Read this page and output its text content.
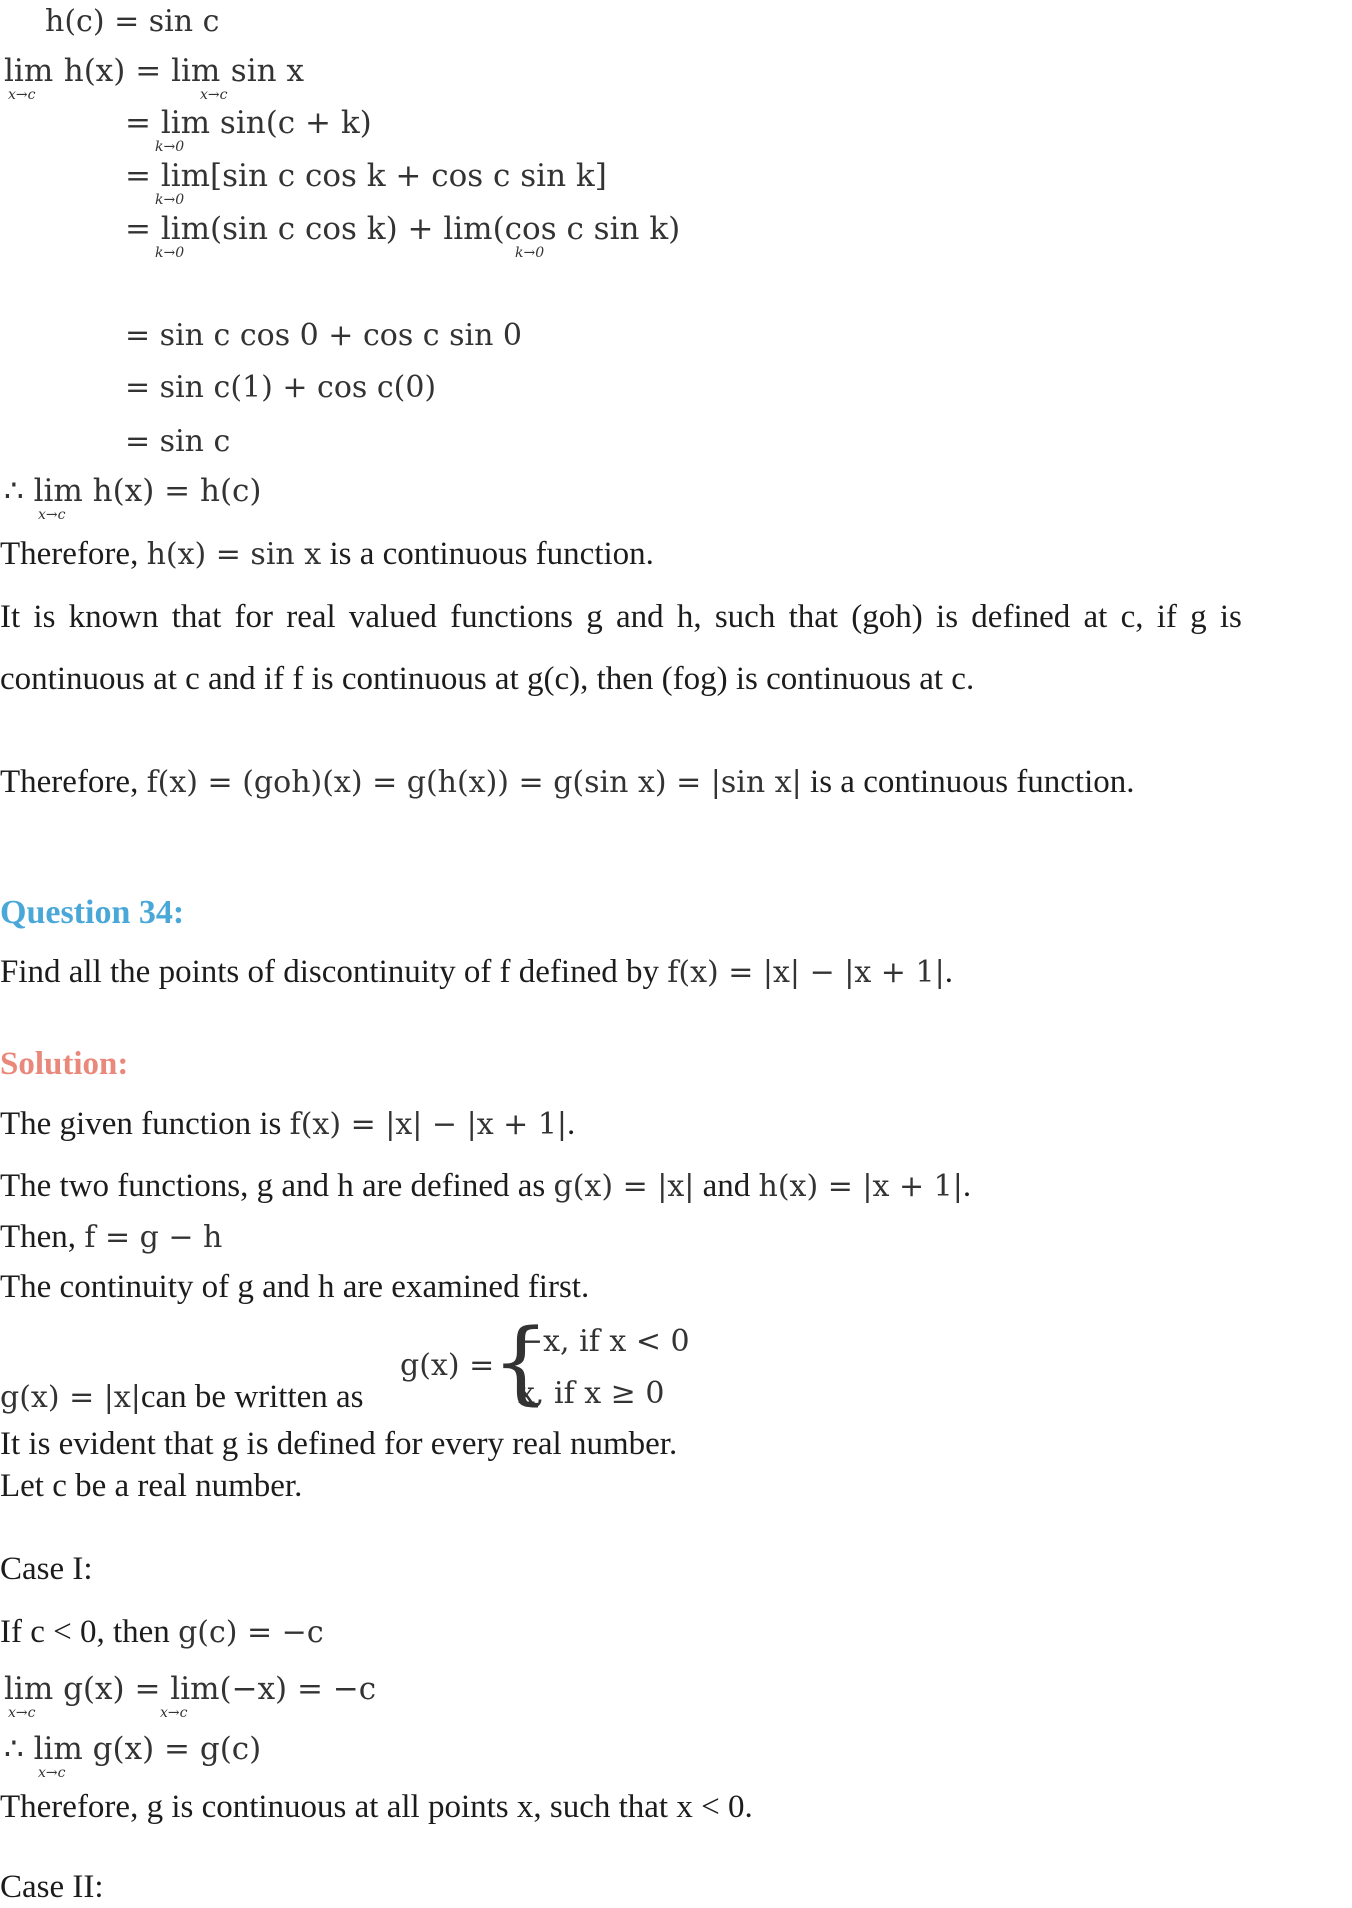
h(c) = sin c
lim
x→c
h(x) = lim
x→c
sin x
= lim sin(c + k)
k→0
= lim[sin c cos k + cos c sin k]
k→0
= lim(sin c cos k) + lim(cos c sin k)
k→0	k→0
= sin c cos 0 + cos c sin 0
= sin c(1) + cos c(0)
= sin c
∴ lim h(x) = h(c)
x→c
Therefore, h(x) = sin x is a continuous function.
It is known that for real valued functions g and h, such that (goh) is defined at c, if g is
continuous at c and if f is continuous at g(c), then (fog) is continuous at c.
Therefore, f(x) = (goh)(x) = g(h(x)) = g(sin x) = |sin x| is a continuous function.
Question 34:
Find all the points of discontinuity of f defined by f(x) = |x| − |x + 1|.
Solution:
The given function is f(x) = |x| − |x + 1|.
The two functions, g and h are defined as g(x) = |x| and h(x) = |x + 1|.
Then, f = g − h
The continuity of g and h are examined first.
g(x) =
{
−x, if x < 0
x, if x ≥ 0
g(x) = |x|can be written as
It is evident that g is defined for every real number.
Let c be a real number.
Case I:
If c < 0, then g(c) = −c
lim g(x) = lim(−x) = −c
x→c	x→c
∴ lim g(x) = g(c)
x→c
Therefore, g is continuous at all points x, such that x < 0.
Case II:
